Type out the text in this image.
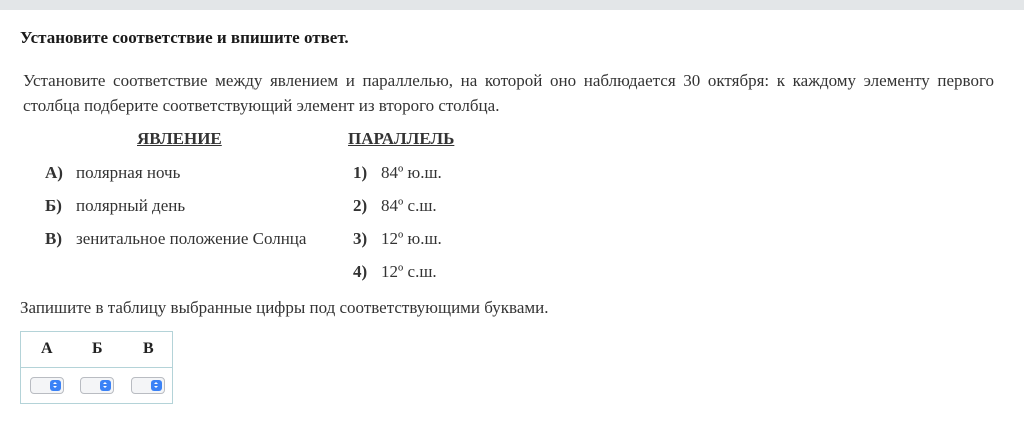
Установите соответствие и впишите ответ.
Установите соответствие между явлением и параллелью, на которой оно наблюдается 30 октября: к каждому элементу первого столбца подберите соответствующий элемент из второго столбца.
ЯВЛЕНИЕ	ПАРАЛЛЕЛЬ
А) полярная ночь
Б) полярный день
В) зенитальное положение Солнца
1) 84º ю.ш.
2) 84º с.ш.
3) 12º ю.ш.
4) 12º с.ш.
Запишите в таблицу выбранные цифры под соответствующими буквами.
А Б	В
